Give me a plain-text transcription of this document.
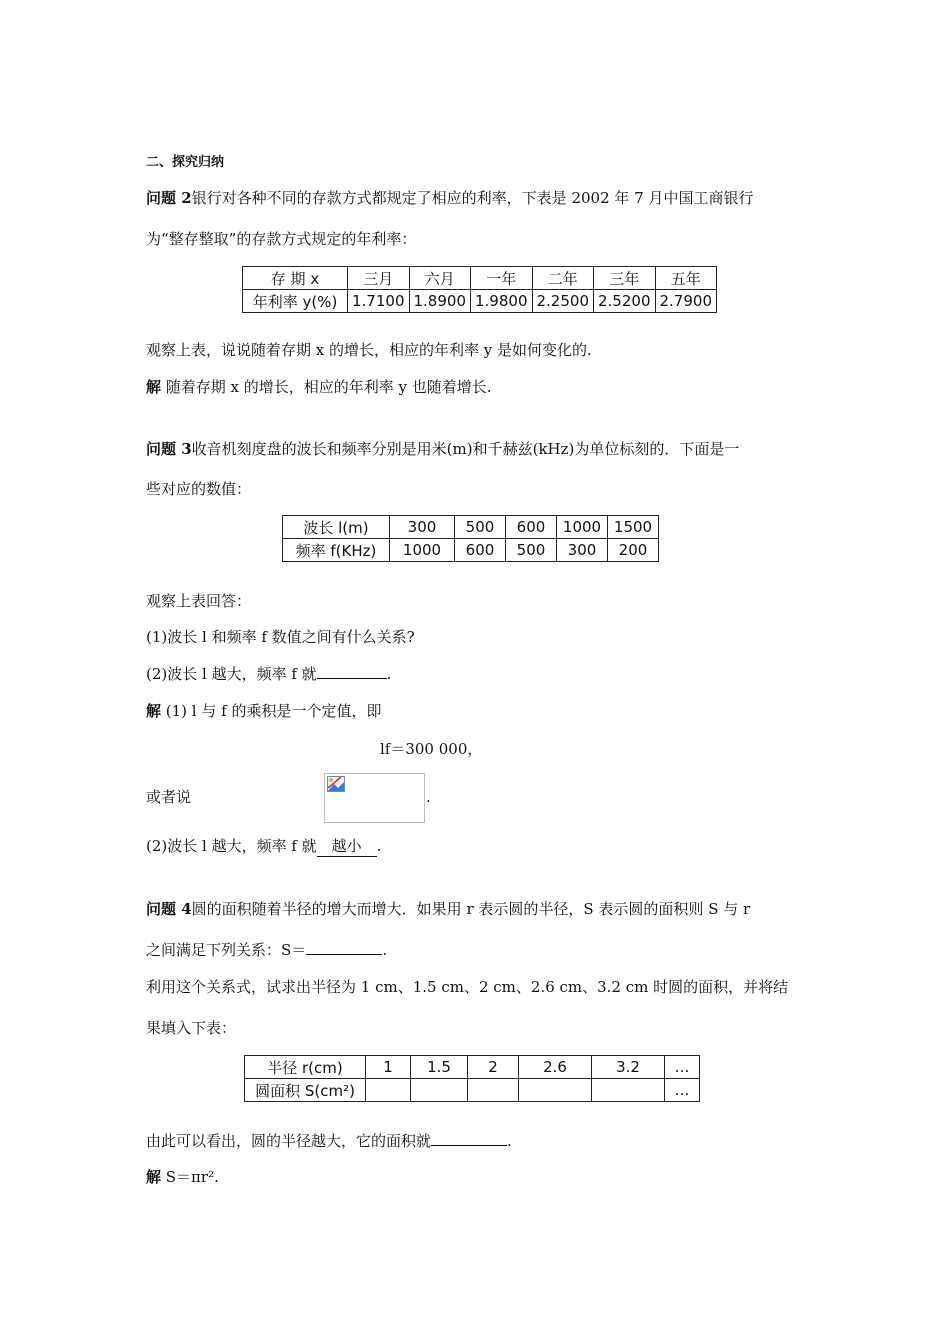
二、探究归纳
问题 2银行对各种不同的存款方式都规定了相应的利率，下表是 2002 年 7 月中国工商银行
为“整存整取”的存款方式规定的年利率：
存 期 x	三月	六月	一年	二年	三年	五年
年利率 y(%)	1.7100	1.8900	1.9800	2.2500	2.5200	2.7900
观察上表，说说随着存期 x 的增长，相应的年利率 y 是如何变化的.
解 随着存期 x 的增长，相应的年利率 y 也随着增长.
问题 3收音机刻度盘的波长和频率分别是用米(m)和千赫兹(kHz)为单位标刻的．下面是一
些对应的数值：
波长 l(m)	300	500	600	1000	1500
频率 f(KHz)	1000	600	500	300	200
观察上表回答：
(1)波长 l 和频率 f 数值之间有什么关系?
(2)波长 l 越大，频率 f 就	.
解 (1) l 与 f 的乘积是一个定值，即
lf＝300 000，
或者说	.
(2)波长 l 越大，频率 f 就 越小 .
问题 4圆的面积随着半径的增大而增大．如果用 r 表示圆的半径，S 表示圆的面积则 S 与 r
之间满足下列关系：S＝	.
利用这个关系式，试求出半径为 1 cm、1.5 cm、2 cm、2.6 cm、3.2 cm 时圆的面积，并将结
果填入下表：
半径 r(cm)	1	1.5	2	2.6	3.2	…
圆面积 S(cm²)						…
由此可以看出，圆的半径越大，它的面积就	.
解 S＝πr².
